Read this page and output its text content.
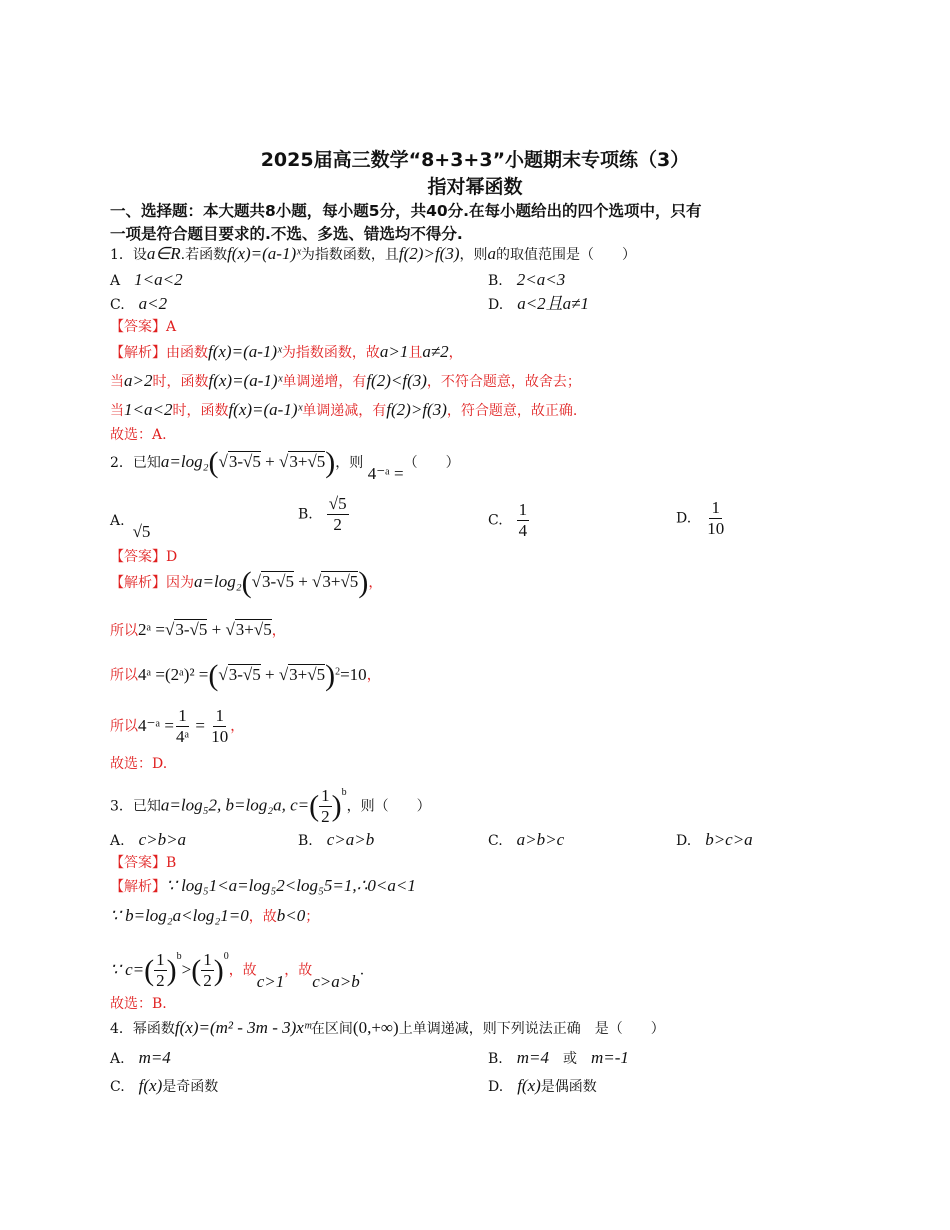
2025届高三数学“8+3+3”小题期末专项练（3）
指对幂函数
一、选择题：本大题共8小题，每小题5分，共40分.在每小题给出的四个选项中，只有
一项是符合题目要求的.不选、多选、错选均不得分.
1．设a∈R.若函数f(x)=(a-1)ˣ为指数函数，且f(2)>f(3)，则a的取值范围是（　　）
A　 1<a<2	B.　 2<a<3
C.　 a<2	D.　 a<2且a≠1
【答案】A
【解析】由函数f(x)=(a-1)ˣ为指数函数，故a>1且a≠2，
当a>2时，函数f(x)=(a-1)ˣ单调递增，有f(2)<f(3)，不符合题意，故舍去；
当1<a<2时，函数f(x)=(a-1)ˣ单调递减，有f(2)>f(3)，符合题意，故正确.
故选：A.
2．已知a=log₂(√3-√5 + √3+√5)，则 4⁻ᵃ =（　　）
A.√5
B.　 $\frac{√5}{2}$	C.　 $\frac{1}{4}$	D.　 $\frac{1}{10}$
【答案】D
【解析】因为a=log₂(√3-√5 + √3+√5)，
所以2ᵃ =√3-√5 + √3+√5，
所以4ᵃ =(2ᵃ)² $=(√3-√5 + √3+√5)^2=10$，
所以4⁻ᵃ = $\frac{1}{\text{4ᵃ}} = \frac{1}{10}$ ，
故选：D.
3．已知a=log₅2, b=log₂a, $c=( \frac{1}{2} )^b$，则（　　）
A.　 c>b>a	B.　 c>a>b	C.　 a>b>c	D.　 b>c>a
【答案】B
【解析】∵ log₅1<a=log₅2<log₅5=1,∴0<a<1
∵ b=log₂a<log₂1=0，故b<0；
∵ $c=( \frac{1}{2} )^b>( \frac{1}{2} )^0$，故c>1，故c>a>b.
故选：B.
4．幂函数f(x)=(m² - 3m - 3)xᵐ在区间(0,+∞)上单调递减，则下列说法正确　是（　　）
A.　 m=4	B.　 m=4　 或　 m=-1
C.　 f(x)是奇函数	D.　 f(x)是偶函数
